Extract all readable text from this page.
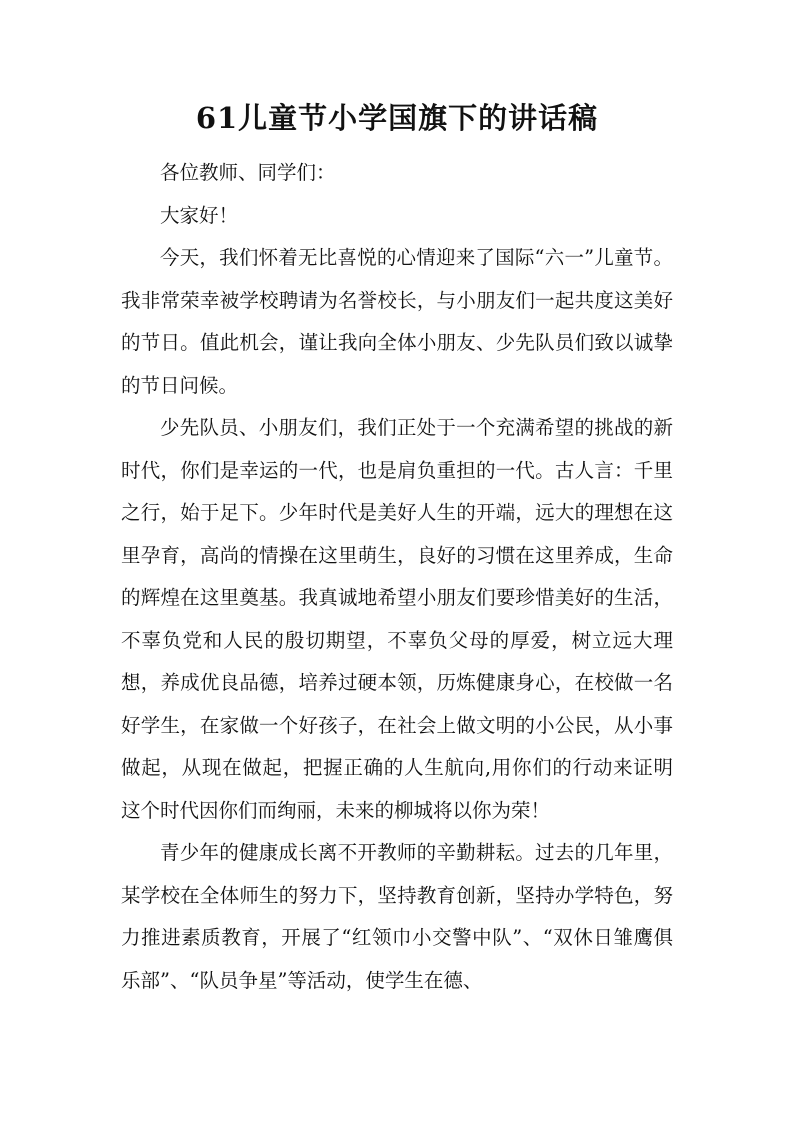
61儿童节小学国旗下的讲话稿

各位教师、同学们：

大家好！

今天，我们怀着无比喜悦的心情迎来了国际“六一”儿童节。我非常荣幸被学校聘请为名誉校长，与小朋友们一起共度这美好的节日。值此机会，谨让我向全体小朋友、少先队员们致以诚挚的节日问候。

少先队员、小朋友们，我们正处于一个充满希望的挑战的新时代，你们是幸运的一代，也是肩负重担的一代。古人言：千里之行，始于足下。少年时代是美好人生的开端，远大的理想在这里孕育，高尚的情操在这里萌生，良好的习惯在这里养成，生命的辉煌在这里奠基。我真诚地希望小朋友们要珍惜美好的生活，不辜负党和人民的殷切期望，不辜负父母的厚爱，树立远大理想，养成优良品德，培养过硬本领，历炼健康身心，在校做一名好学生，在家做一个好孩子，在社会上做文明的小公民，从小事做起，从现在做起，把握正确的人生航向,用你们的行动来证明这个时代因你们而绚丽，未来的柳城将以你为荣！

青少年的健康成长离不开教师的辛勤耕耘。过去的几年里，某学校在全体师生的努力下，坚持教育创新，坚持办学特色，努力推进素质教育，开展了“红领巾小交警中队”、“双休日雏鹰俱乐部”、“队员争星”等活动，使学生在德、
